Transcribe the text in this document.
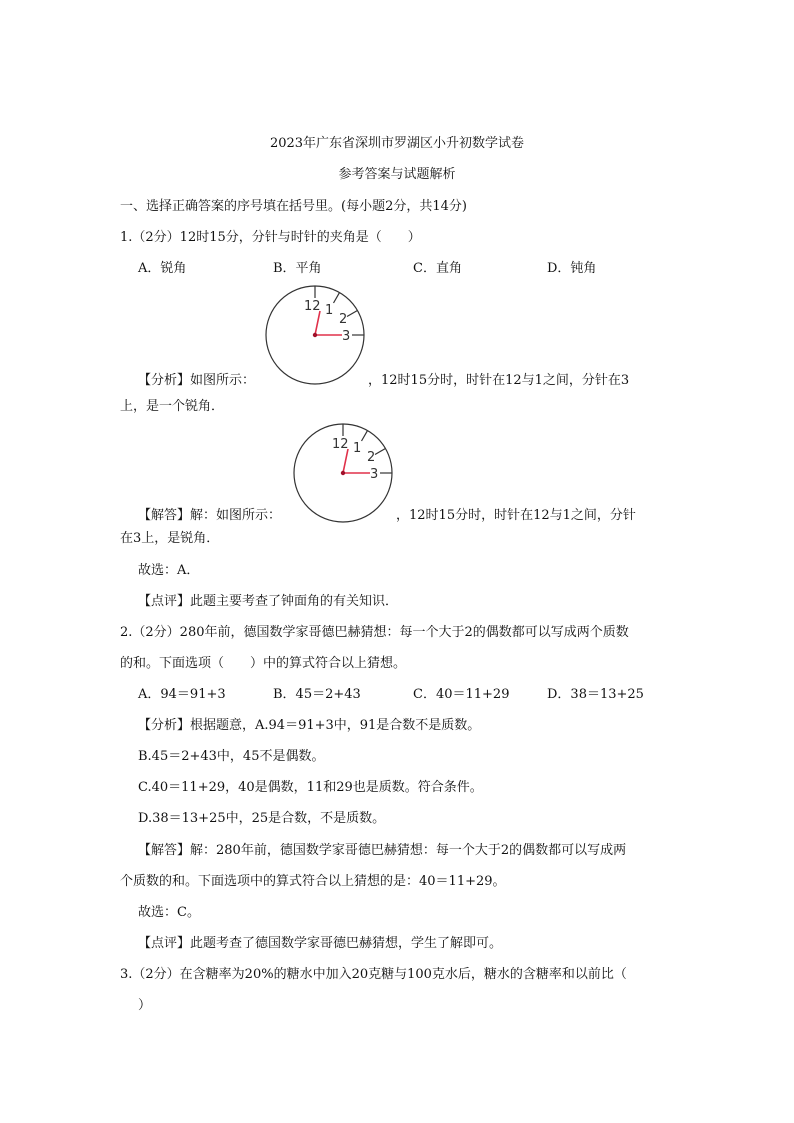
2023年广东省深圳市罗湖区小升初数学试卷
参考答案与试题解析
一、选择正确答案的序号填在括号里。(每小题2分，共14分)
1.（2分）12时15分，分针与时针的夹角是（　　）
A．锐角	B．平角	C．直角	D．钝角
12 1
2
3
【分析】如图所示：	，12时15分时，时针在12与1之间，分针在3
上，是一个锐角．
12 1
2
3
【解答】解：如图所示：	，12时15分时，时针在12与1之间，分针
在3上，是锐角．
故选：A．
【点评】此题主要考查了钟面角的有关知识．
2.（2分）280年前，德国数学家哥德巴赫猜想：每一个大于2的偶数都可以写成两个质数
的和。下面选项（　　）中的算式符合以上猜想。
A．94＝91+3	B．45＝2+43	C．40＝11+29	D．38＝13+25
【分析】根据题意，A.94＝91+3中，91是合数不是质数。
B.45＝2+43中，45不是偶数。
C.40＝11+29，40是偶数，11和29也是质数。符合条件。
D.38＝13+25中，25是合数，不是质数。
【解答】解：280年前，德国数学家哥德巴赫猜想：每一个大于2的偶数都可以写成两
个质数的和。下面选项中的算式符合以上猜想的是：40＝11+29。
故选：C。
【点评】此题考查了德国数学家哥德巴赫猜想，学生了解即可。
3.（2分）在含糖率为20%的糖水中加入20克糖与100克水后，糖水的含糖率和以前比（
）
